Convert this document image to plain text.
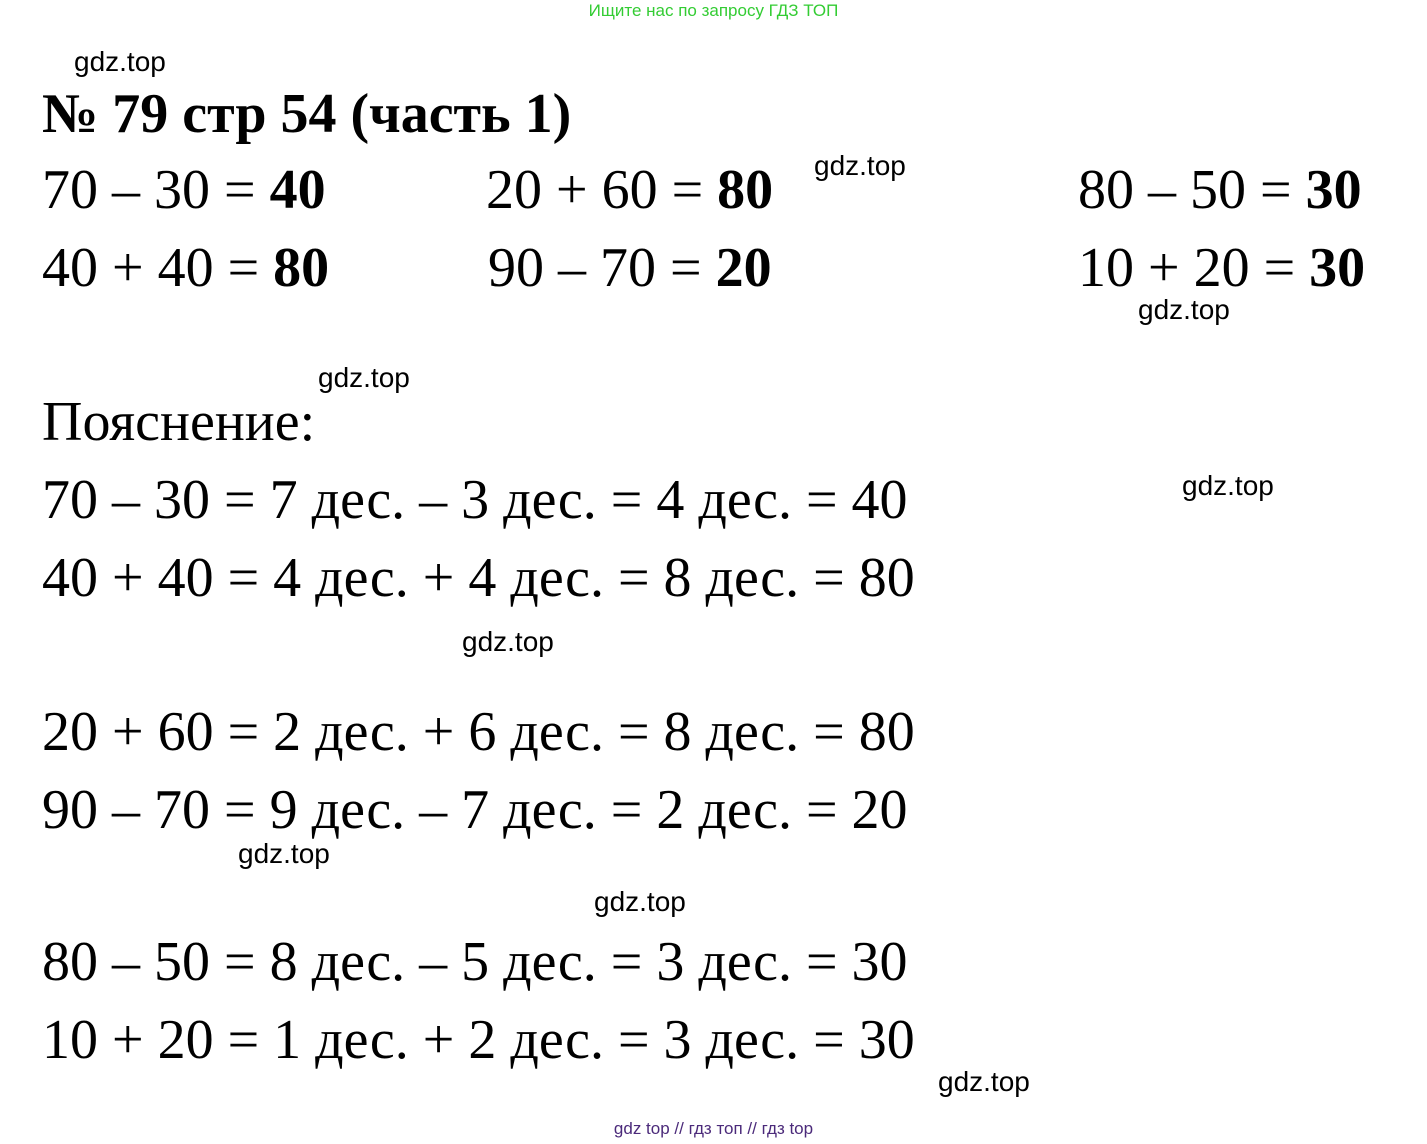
Ищите нас по запросу ГДЗ ТОП
gdz.top
№ 79 стр 54 (часть 1)
70 – 30 = 40	20 + 60 = 80 gdz.top	80 – 50 = 30
40 + 40 = 80	90 – 70 = 20	10 + 20 = 30
gdz.top
gdz.top
Пояснение:
gdz.top
70 – 30 = 7 дес. – 3 дес. = 4 дес. = 40
40 + 40 = 4 дес. + 4 дес. = 8 дес. = 80
gdz.top
20 + 60 = 2 дес. + 6 дес. = 8 дес. = 80
90 – 70 = 9 дес. – 7 дес. = 2 дес. = 20
gdz.top
gdz.top
80 – 50 = 8 дес. – 5 дес. = 3 дес. = 30
10 + 20 = 1 дес. + 2 дес. = 3 дес. = 30
gdz.top
gdz top // гдз топ // гдз top
